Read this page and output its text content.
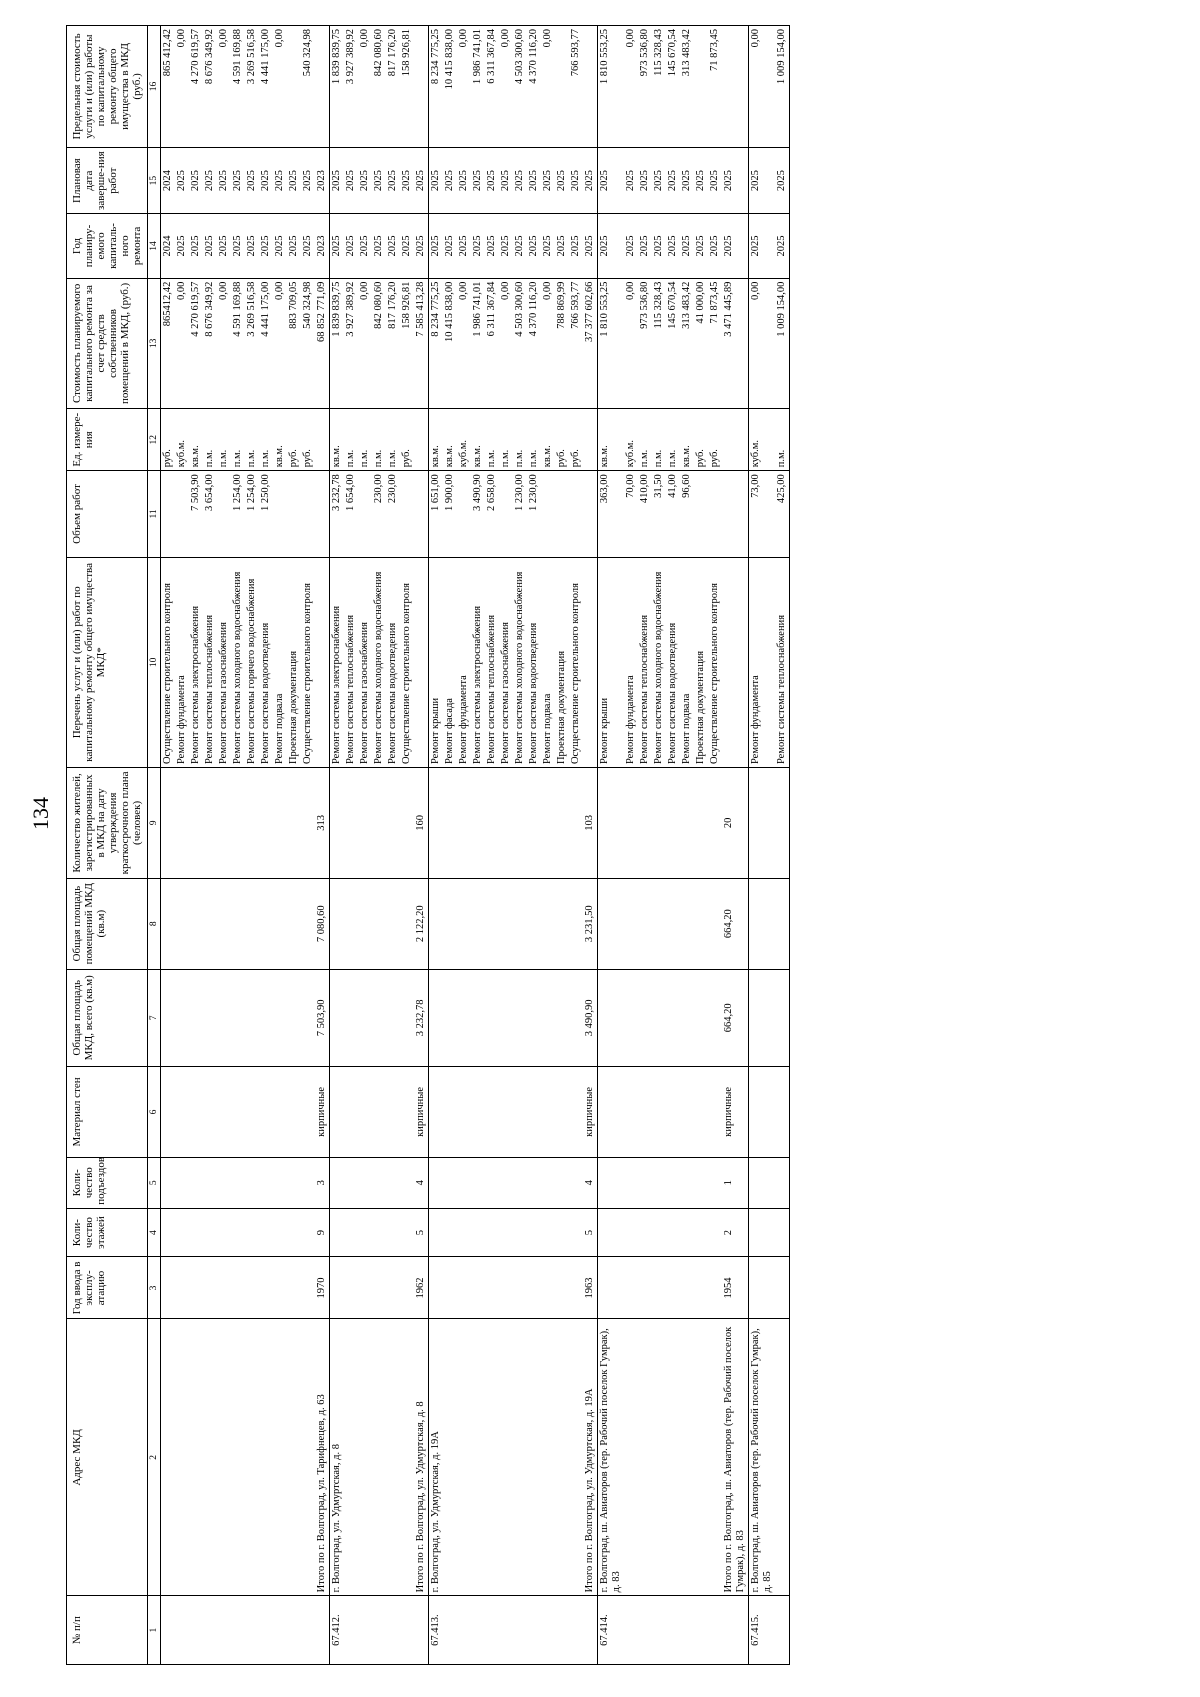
134
№ п/п	Адрес МКД	Год ввода в эксплу-атацию	Коли-чество этажей	Коли-чество подъездов	Материал стен	Общая площадь МКД, всего (кв.м)	Общая площадь помещений МКД (кв.м)	Количество жителей, зарегистрированных в МКД на дату утверждения краткосрочного плана (человек)	Перечень услуг и (или) работ по капитальному ремонту общего имущества МКД*	Объем работ	Ед. измере-ния	Стоимость планируемого капитального ремонта за счет средств собственников помещений в МКД, (руб.)	Год планиру-емого капиталь-ного ремонта	Плановая дата заверше-ния работ	Предельная стоимость услуги и (или) работы по капитальному ремонту общего имущества в МКД (руб.)
1	2	3	4	5	6	7	8	9	10	11	12	13	14	15	16
									Осуществление строительного контроля		руб.	865412,42	2024	2024	865 412,42
									Ремонт фундамента		куб.м.	0,00	2025	2025	0,00
									Ремонт системы электроснабжения	7 503,90	кв.м.	4 270 619,57	2025	2025	4 270 619,57
									Ремонт системы теплоснабжения	3 654,00	п.м.	8 676 349,92	2025	2025	8 676 349,92
									Ремонт системы газоснабжения		п.м.	0,00	2025	2025	0,00
									Ремонт системы холодного водоснабжения	1 254,00	п.м.	4 591 169,88	2025	2025	4 591 169,88
									Ремонт системы горячего водоснабжения	1 254,00	п.м.	3 269 516,58	2025	2025	3 269 516,58
									Ремонт системы водоотведения	1 250,00	п.м.	4 441 175,00	2025	2025	4 441 175,00
									Ремонт подвала		кв.м.	0,00	2025	2025	0,00
									Проектная документация		руб.	883 709,05	2025	2025	
									Осуществление строительного контроля		руб.	540 324,98	2025	2025	540 324,98
	Итого по г. Волгоград, ул. Тарифнецев, д. 63	1970	9	3	кирпичные	7 503,90	7 080,60	313				68 852 771,09	2023	2023	
67.412.	г. Волгоград, ул. Удмуртская, д. 8								Ремонт системы электроснабжения	3 232,78	кв.м.	1 839 839,75	2025	2025	1 839 839,75
									Ремонт системы теплоснабжения	1 654,00	п.м.	3 927 389,92	2025	2025	3 927 389,92
									Ремонт системы газоснабжения		п.м.	0,00	2025	2025	0,00
									Ремонт системы холодного водоснабжения	230,00	п.м.	842 080,60	2025	2025	842 080,60
									Ремонт системы водоотведения	230,00	п.м.	817 176,20	2025	2025	817 176,20
									Осуществление строительного контроля		руб.	158 926,81	2025	2025	158 926,81
	Итого по г. Волгоград, ул. Удмуртская, д. 8	1962	5	4	кирпичные	3 232,78	2 122,20	160				7 585 413,28	2025	2025	
67.413.	г. Волгоград, ул. Удмуртская, д. 19А								Ремонт крыши	1 651,00	кв.м.	8 234 775,25	2025	2025	8 234 775,25
									Ремонт фасада	1 900,00	кв.м.	10 415 838,00	2025	2025	10 415 838,00
									Ремонт фундамента		куб.м.	0,00	2025	2025	0,00
									Ремонт системы электроснабжения	3 490,90	кв.м.	1 986 741,01	2025	2025	1 986 741,01
									Ремонт системы теплоснабжения	2 658,00	п.м.	6 311 367,84	2025	2025	6 311 367,84
									Ремонт системы газоснабжения		п.м.	0,00	2025	2025	0,00
									Ремонт системы холодного водоснабжения	1 230,00	п.м.	4 503 300,60	2025	2025	4 503 300,60
									Ремонт системы водоотведения	1 230,00	п.м.	4 370 116,20	2025	2025	4 370 116,20
									Ремонт подвала		кв.м.	0,00	2025	2025	0,00
									Проектная документация		руб.	788 869,99	2025	2025	
									Осуществление строительного контроля		руб.	766 593,77	2025	2025	766 593,77
	Итого по г. Волгоград, ул. Удмуртская, д. 19А	1963	5	4	кирпичные	3 490,90	3 231,50	103				37 377 602,66	2025	2025	
67.414.	г. Волгоград, ш. Авиаторов (тер. Рабочий поселок Гумрак), д. 83								Ремонт крыши	363,00	кв.м.	1 810 553,25	2025	2025	1 810 553,25
									Ремонт фундамента	70,00	куб.м.	0,00	2025	2025	0,00
									Ремонт системы теплоснабжения	410,00	п.м.	973 536,80	2025	2025	973 536,80
									Ремонт системы холодного водоснабжения	31,50	п.м.	115 328,43	2025	2025	115 328,43
									Ремонт системы водоотведения	41,00	п.м.	145 670,54	2025	2025	145 670,54
									Ремонт подвала	96,60	кв.м.	313 483,42	2025	2025	313 483,42
									Проектная документация		руб.	41 000,00	2025	2025	
									Осуществление строительного контроля		руб.	71 873,45	2025	2025	71 873,45
	Итого по г. Волгоград, ш. Авиаторов (тер. Рабочий поселок Гумрак), д. 83	1954	2	1	кирпичные	664,20	664,20	20				3 471 445,89	2025	2025	
67.415.	г. Волгоград, ш. Авиаторов (тер. Рабочий поселок Гумрак), д. 85								Ремонт фундамента	73,00	куб.м.	0,00	2025	2025	0,00
									Ремонт системы теплоснабжения	425,00	п.м.	1 009 154,00	2025	2025	1 009 154,00
